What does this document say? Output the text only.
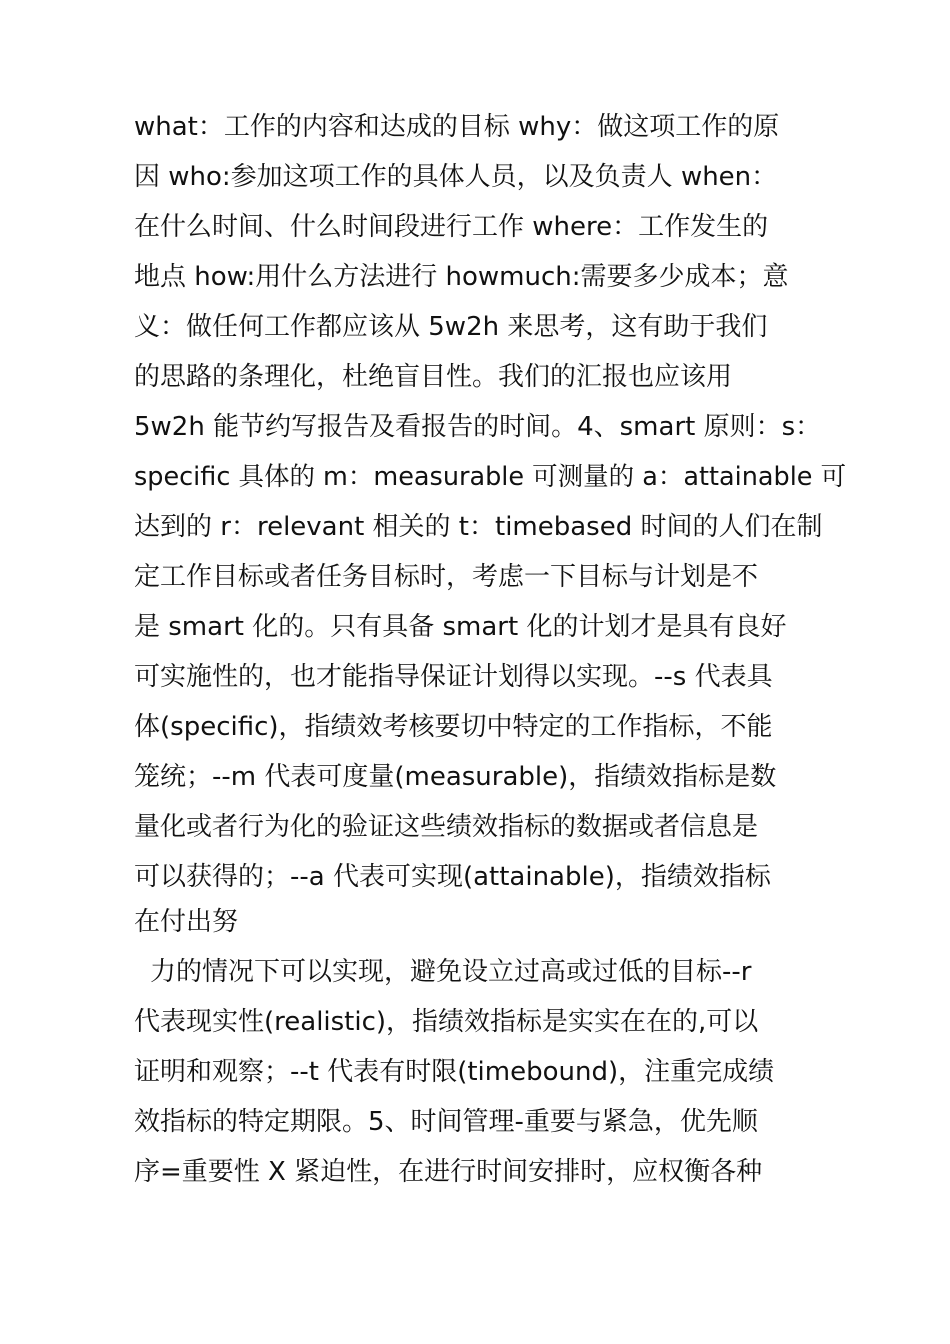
what：工作的内容和达成的目标 why：做这项工作的原
因 who:参加这项工作的具体人员，以及负责人 when：
在什么时间、什么时间段进行工作 where：工作发生的
地点 how:用什么方法进行 howmuch:需要多少成本；意
义：做任何工作都应该从 5w2h 来思考，这有助于我们
的思路的条理化，杜绝盲目性。我们的汇报也应该用
5w2h 能节约写报告及看报告的时间。4、smart 原则：s：
specific 具体的 m：measurable 可测量的 a：attainable 可
达到的 r：relevant 相关的 t：timebased 时间的人们在制
定工作目标或者任务目标时，考虑一下目标与计划是不
是 smart 化的。只有具备 smart 化的计划才是具有良好
可实施性的，也才能指导保证计划得以实现。--s 代表具
体(specific)，指绩效考核要切中特定的工作指标，不能
笼统；--m 代表可度量(measurable)，指绩效指标是数
量化或者行为化的验证这些绩效指标的数据或者信息是
可以获得的；--a 代表可实现(attainable)，指绩效指标
在付出努
力的情况下可以实现，避免设立过高或过低的目标--r
代表现实性(realistic)，指绩效指标是实实在在的,可以
证明和观察；--t 代表有时限(timebound)，注重完成绩
效指标的特定期限。5、时间管理-重要与紧急，优先顺
序=重要性 X 紧迫性，在进行时间安排时，应权衡各种
